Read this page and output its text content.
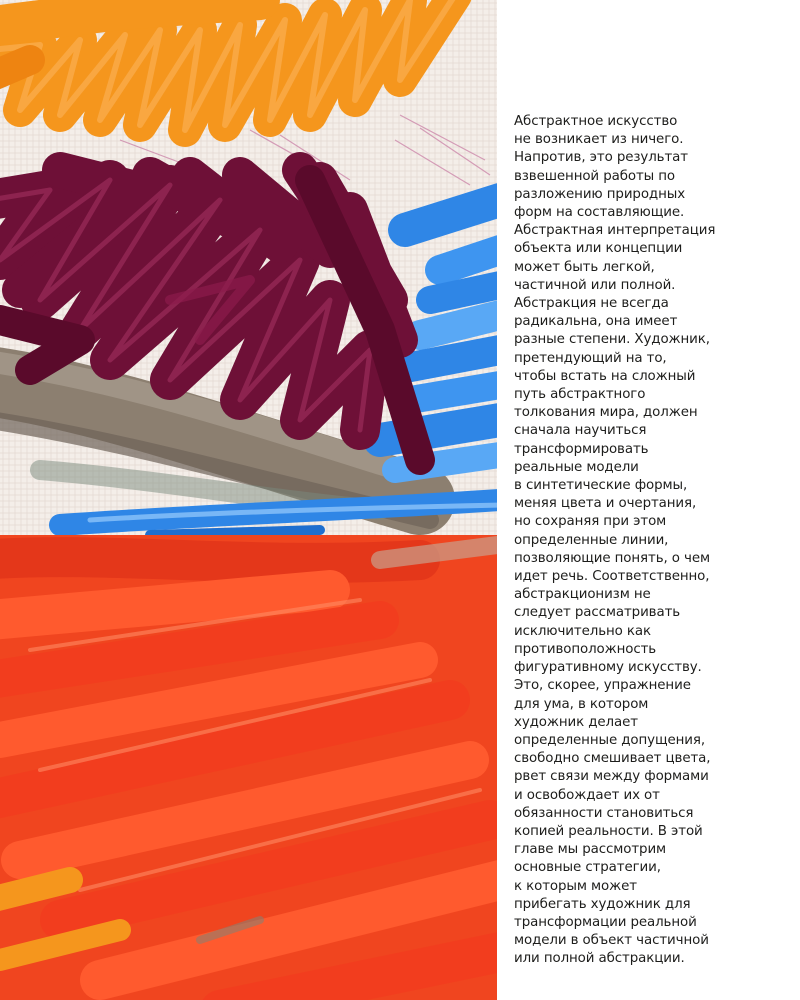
Абстрактное искусство
не возникает из ничего.
Напротив, это результат
взвешенной работы по
разложению природных
форм на составляющие.
Абстрактная интерпретация
объекта или концепции
может быть легкой,
частичной или полной.
Абстракция не всегда
радикальна, она имеет
разные степени. Художник,
претендующий на то,
чтобы встать на сложный
путь абстрактного
толкования мира, должен
сначала научиться
трансформировать
реальные модели
в синтетические формы,
меняя цвета и очертания,
но сохраняя при этом
определенные линии,
позволяющие понять, о чем
идет речь. Соответственно,
абстракционизм не
следует рассматривать
исключительно как
противоположность
фигуративному искусству.
Это, скорее, упражнение
для ума, в котором
художник делает
определенные допущения,
свободно смешивает цвета,
рвет связи между формами
и освобождает их от
обязанности становиться
копией реальности. В этой
главе мы рассмотрим
основные стратегии,
к которым может
прибегать художник для
трансформации реальной
модели в объект частичной
или полной абстракции.
